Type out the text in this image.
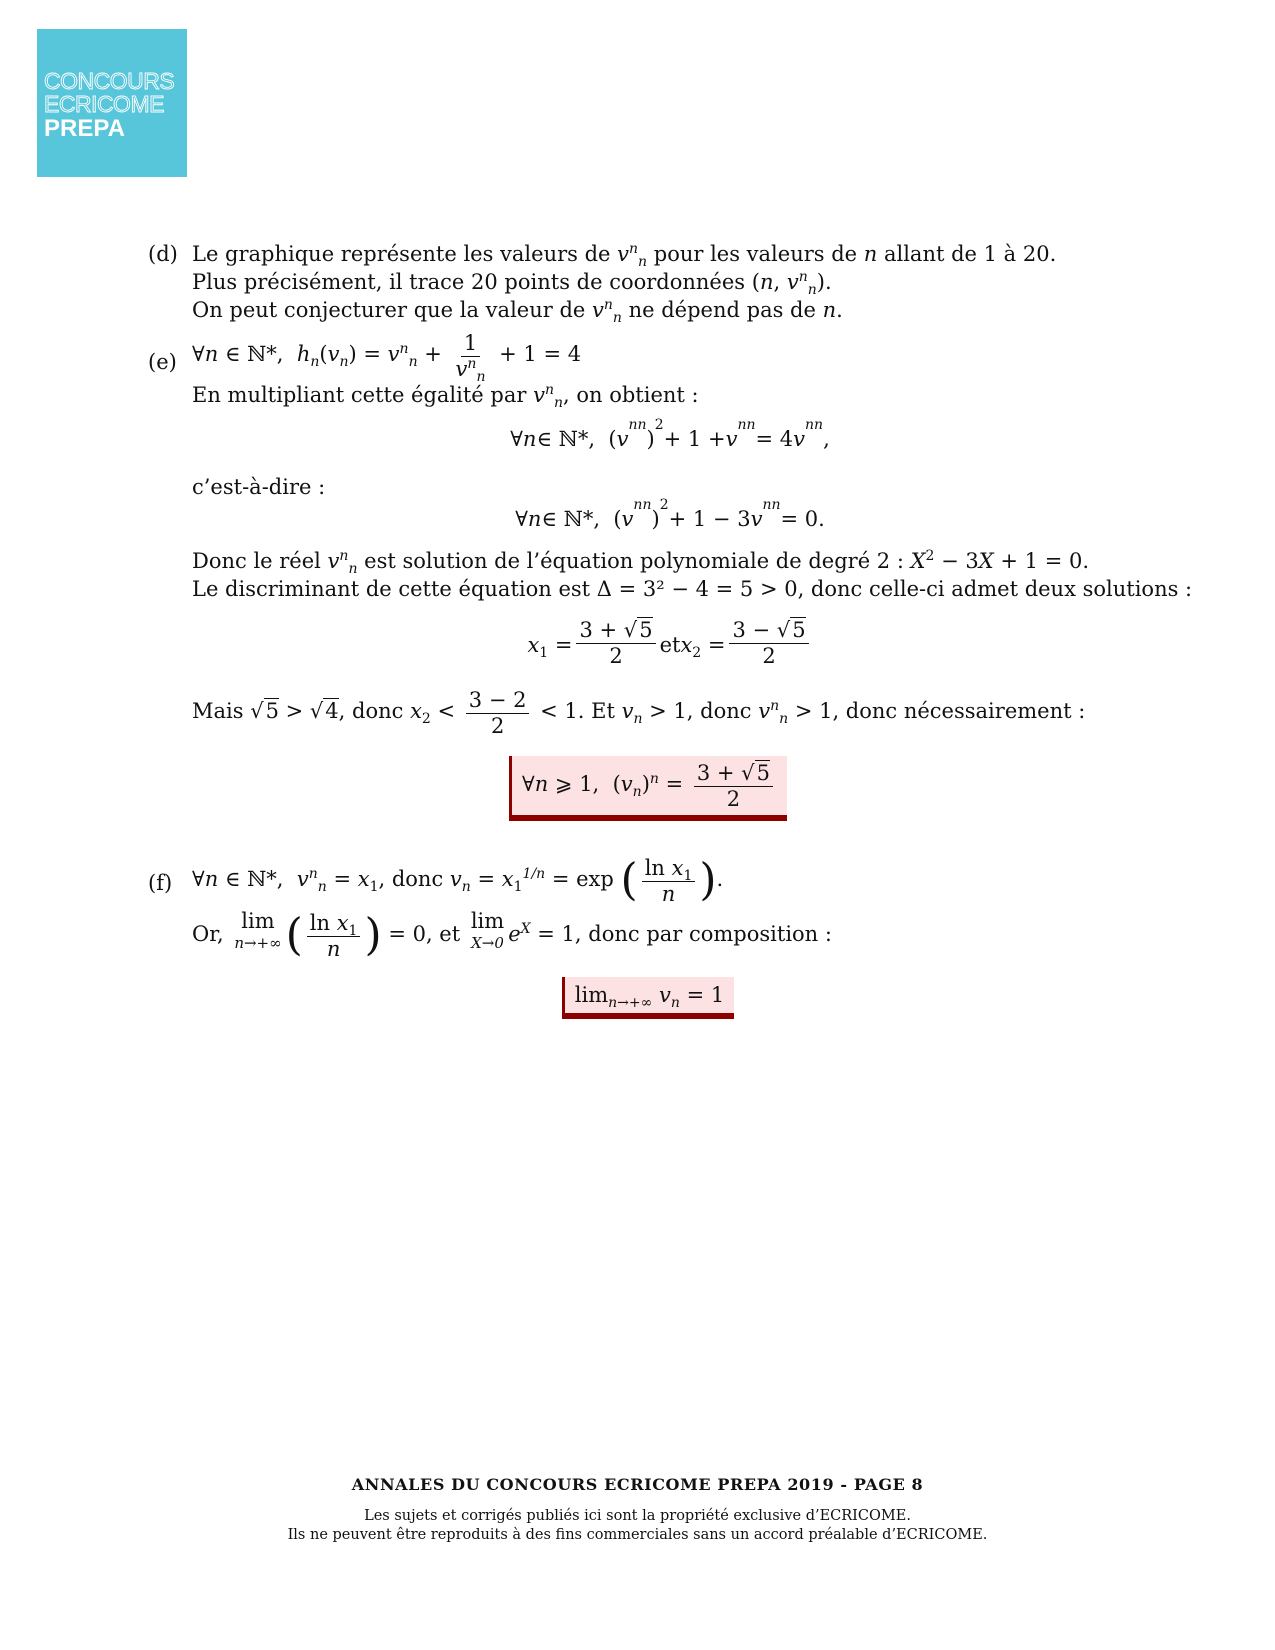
CONCOURS
ECRICOME
PREPA
(d) Le graphique représente les valeurs de $v^n_n$ pour les valeurs de n allant de 1 à 20.
Plus précisément, il trace 20 points de coordonnées (n, $v^n_n$).
On peut conjecturer que la valeur de $v^n_n$ ne dépend pas de n.
(e) ∀n ∈ ℕ*,  $h_n(v_n) = v^n_n + \frac{1}{v^n_n} + 1 = 4$
En multipliant cette égalité par $v^n_n$, on obtient :
∀ n ∈ ℕ*,  ( v
n n
)
2
+ 1 + v
n n
= 4 v
n n
,
c’est-à-dire :
∀ n ∈ ℕ*,  ( v
n n
)
2
+ 1 − 3 v
n n
= 0.
Donc le réel $v^n_n$ est solution de l’équation polynomiale de degré 2 : $X^2 - 3X + 1 = 0$.
Le discriminant de cette équation est Δ = 3² − 4 = 5 > 0, donc celle-ci admet deux solutions :
$x_1 = \frac{3 + √5}{2}$ et $x_2 = \frac{3 - √5}{2}$
Mais √5 > √4, donc $x_2 < \frac{3 - 2}{2} < 1$. Et $v_n > 1$, donc $v^n_n > 1$, donc nécessairement :
∀n ⩾ 1,  $(v_n)^n = \frac{3 + √5}{2}$
(f) ∀n ∈ ℕ*,  $v^n_n = x_1$, donc $v_n = x_1^{1/n} = \exp$ ( $\frac{\ln x_1}{n}$ ).
Or,
lim
n→+∞ ( $\frac{\ln x_1}{n}$ ) = 0, et
lim
X→0 $e^X = 1$, donc par composition :
$\lim_{n\to+\infty} v_n = 1$
ANNALES DU CONCOURS ECRICOME PREPA 2019 - PAGE 8
Les sujets et corrigés publiés ici sont la propriété exclusive d’ECRICOME.
Ils ne peuvent être reproduits à des fins commerciales sans un accord préalable d’ECRICOME.
